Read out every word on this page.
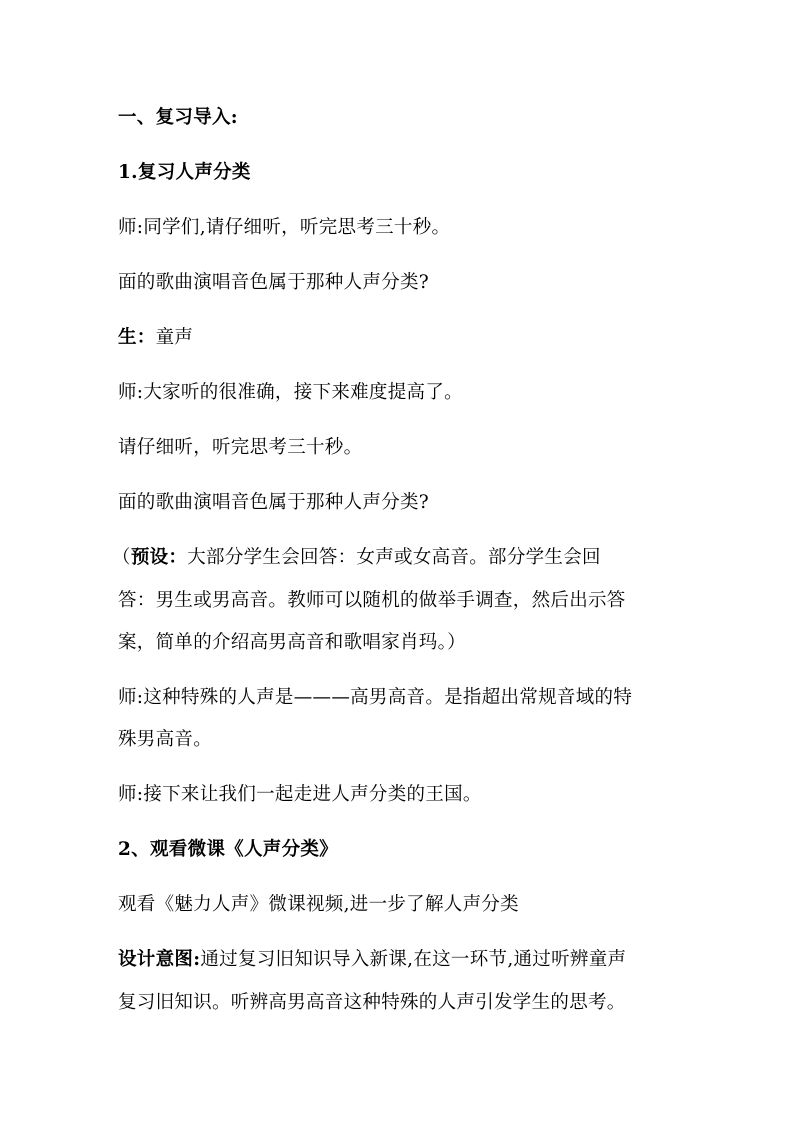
一、复习导入:
1.复习人声分类
师:同学们,请仔细听，听完思考三十秒。
面的歌曲演唱音色属于那种人声分类?
生：童声
师:大家听的很准确，接下来难度提高了。
请仔细听，听完思考三十秒。
面的歌曲演唱音色属于那种人声分类?
（预设：大部分学生会回答：女声或女高音。部分学生会回
答：男生或男高音。教师可以随机的做举手调查，然后出示答
案，简单的介绍高男高音和歌唱家肖玛。）
师:这种特殊的人声是———高男高音。是指超出常规音域的特
殊男高音。
师:接下来让我们一起走进人声分类的王国。
2、观看微课《人声分类》
观看《魅力人声》微课视频,进一步了解人声分类
设计意图:通过复习旧知识导入新课,在这一环节,通过听辨童声
复习旧知识。听辨高男高音这种特殊的人声引发学生的思考。
